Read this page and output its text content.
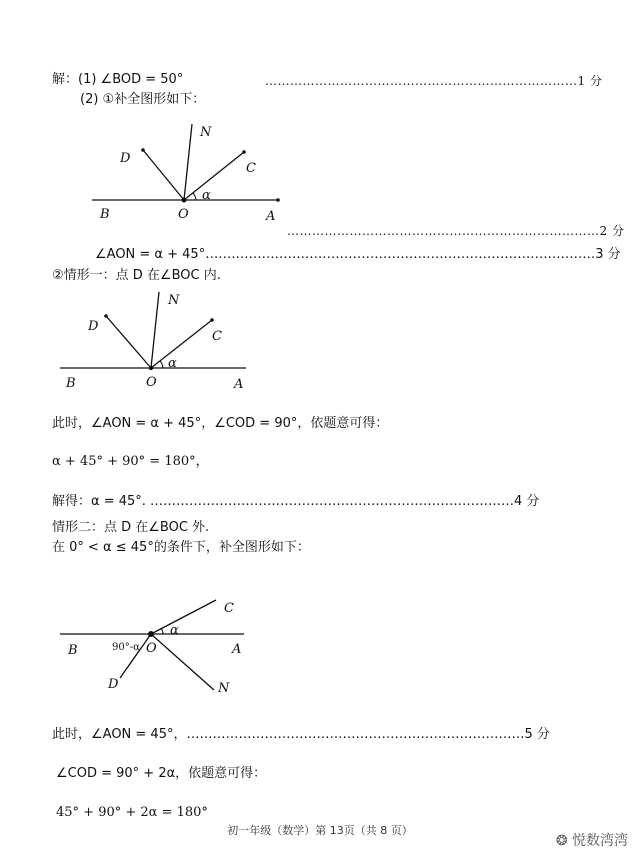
解：(1) ∠BOD = 50°	…………………………………………………………………1 分
(2) ①补全图形如下：
N
D
C
α
B	O	A
…………………………………………………………………2 分
∠AON = α + 45°………………………………………………………………………………3 分
②情形一：点 D 在∠BOC 内.
N
D
C
α
B	O	A
此时，∠AON = α + 45°，∠COD = 90°，依题意可得：
α + 45° + 90° = 180°，
解得：α = 45°. …………………………………………………………………………4 分
情形二：点 D 在∠BOC 外.
在 0° < α ≤ 45°的条件下，补全图形如下：
C
α
B	90°-α O	A
D	N
此时，∠AON = 45°，……………………………………………………………………5 分
∠COD = 90° + 2α，依题意可得：
45° + 90° + 2α = 180°
初一年级（数学）第 13页（共 8 页）
❂ 悦数湾湾
